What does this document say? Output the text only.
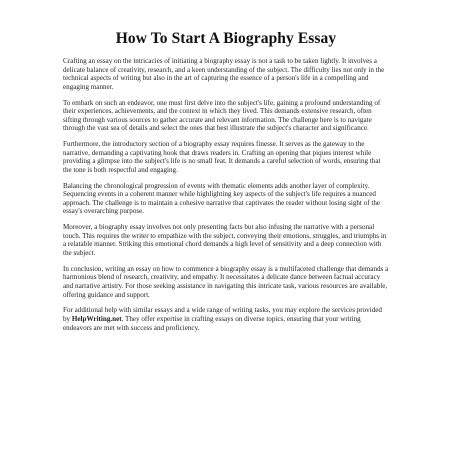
How To Start A Biography Essay

Crafting an essay on the intricacies of initiating a biography essay is not a task to be taken lightly. It involves a delicate balance of creativity, research, and a keen understanding of the subject. The difficulty lies not only in the technical aspects of writing but also in the art of capturing the essence of a person's life in a compelling and engaging manner.

To embark on such an endeavor, one must first delve into the subject's life, gaining a profound understanding of their experiences, achievements, and the context in which they lived. This demands extensive research, often sifting through various sources to gather accurate and relevant information. The challenge here is to navigate through the vast sea of details and select the ones that best illustrate the subject's character and significance.

Furthermore, the introductory section of a biography essay requires finesse. It serves as the gateway to the narrative, demanding a captivating hook that draws readers in. Crafting an opening that piques interest while providing a glimpse into the subject's life is no small feat. It demands a careful selection of words, ensuring that the tone is both respectful and engaging.

Balancing the chronological progression of events with thematic elements adds another layer of complexity. Sequencing events in a coherent manner while highlighting key aspects of the subject's life requires a nuanced approach. The challenge is to maintain a cohesive narrative that captivates the reader without losing sight of the essay's overarching purpose.

Moreover, a biography essay involves not only presenting facts but also infusing the narrative with a personal touch. This requires the writer to empathize with the subject, conveying their emotions, struggles, and triumphs in a relatable manner. Striking this emotional chord demands a high level of sensitivity and a deep connection with the subject.

In conclusion, writing an essay on how to commence a biography essay is a multifaceted challenge that demands a harmonious blend of research, creativity, and empathy. It necessitates a delicate dance between factual accuracy and narrative artistry. For those seeking assistance in navigating this intricate task, various resources are available, offering guidance and support.

For additional help with similar essays and a wide range of writing tasks, you may explore the services provided by HelpWriting.net. They offer expertise in crafting essays on diverse topics, ensuring that your writing endeavors are met with success and proficiency.
